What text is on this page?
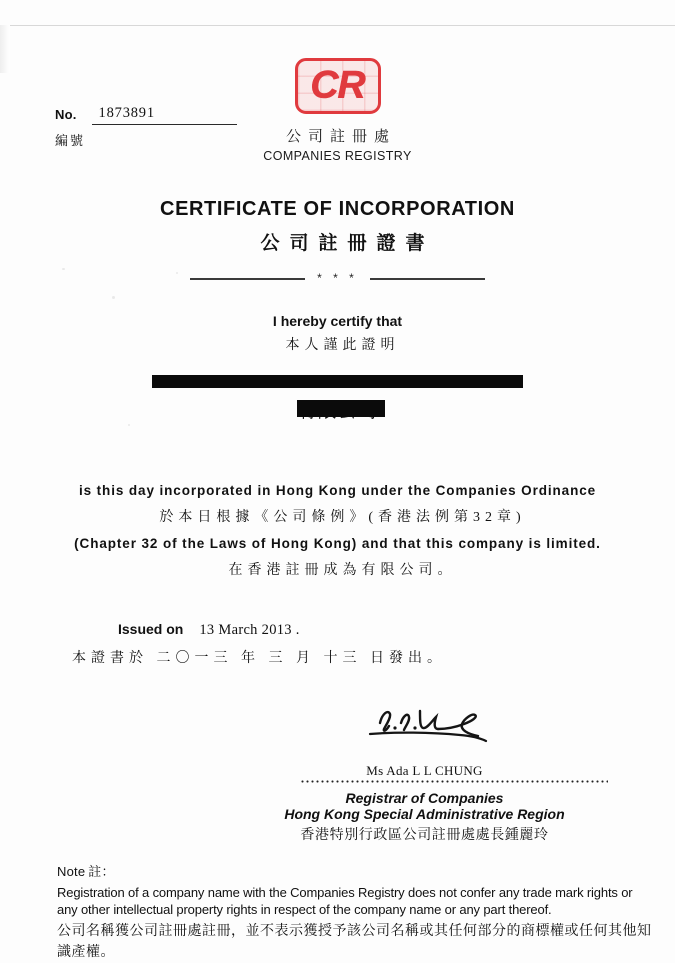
No. 1873891
編號
CR
公司註冊處
COMPANIES REGISTRY
CERTIFICATE OF INCORPORATION
公司註冊證書
* * *
I hereby certify that
本人謹此證明
is this day incorporated in Hong Kong under the Companies Ordinance
於本日根據《公司條例》(香港法例第32章)
(Chapter 32 of the Laws of Hong Kong) and that this company is limited.
在香港註冊成為有限公司。
Issued on 13 March 2013 .
本證書於 二〇一三 年 三 月 十三 日發出。
Ms Ada L L CHUNG
Registrar of Companies
Hong Kong Special Administrative Region
香港特別行政區公司註冊處處長鍾麗玲
Note 註：
Registration of a company name with the Companies Registry does not confer any trade mark rights or any other intellectual property rights in respect of the company name or any part thereof.
公司名稱獲公司註冊處註冊，並不表示獲授予該公司名稱或其任何部分的商標權或任何其他知識產權。
